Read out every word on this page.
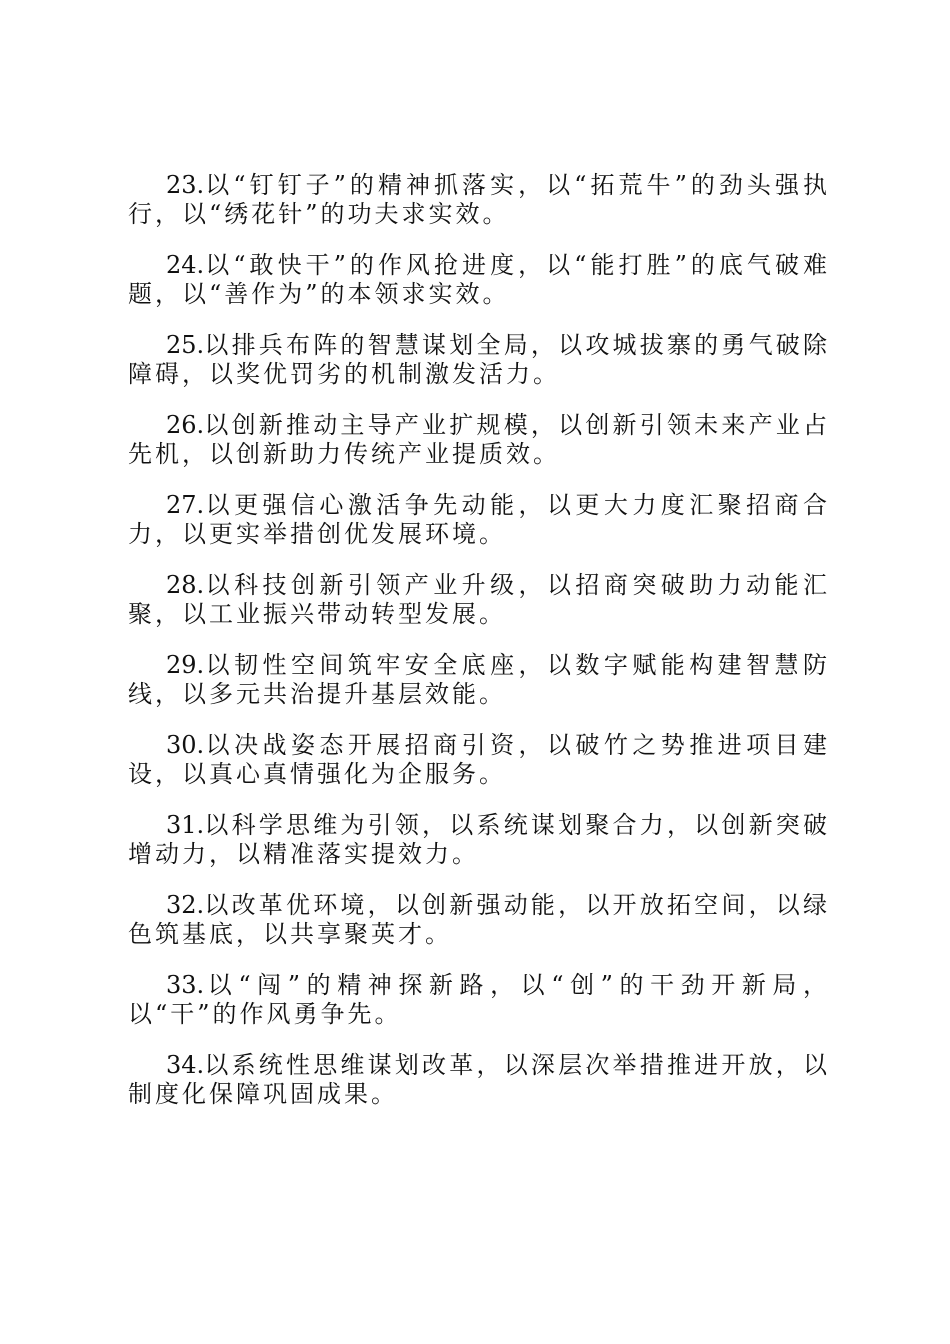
23.以“钉钉子”的精神抓落实，以“拓荒牛”的劲头强执行，以“绣花针”的功夫求实效。

24.以“敢快干”的作风抢进度，以“能打胜”的底气破难题，以“善作为”的本领求实效。

25.以排兵布阵的智慧谋划全局，以攻城拔寨的勇气破除障碍，以奖优罚劣的机制激发活力。

26.以创新推动主导产业扩规模，以创新引领未来产业占先机，以创新助力传统产业提质效。

27.以更强信心激活争先动能，以更大力度汇聚招商合力，以更实举措创优发展环境。

28.以科技创新引领产业升级，以招商突破助力动能汇聚，以工业振兴带动转型发展。

29.以韧性空间筑牢安全底座，以数字赋能构建智慧防线，以多元共治提升基层效能。

30.以决战姿态开展招商引资，以破竹之势推进项目建设，以真心真情强化为企服务。

31.以科学思维为引领，以系统谋划聚合力，以创新突破增动力，以精准落实提效力。

32.以改革优环境，以创新强动能，以开放拓空间，以绿色筑基底，以共享聚英才。

33.以“闯”的精神探新路，以“创”的干劲开新局，以“干”的作风勇争先。

34.以系统性思维谋划改革，以深层次举措推进开放，以制度化保障巩固成果。
